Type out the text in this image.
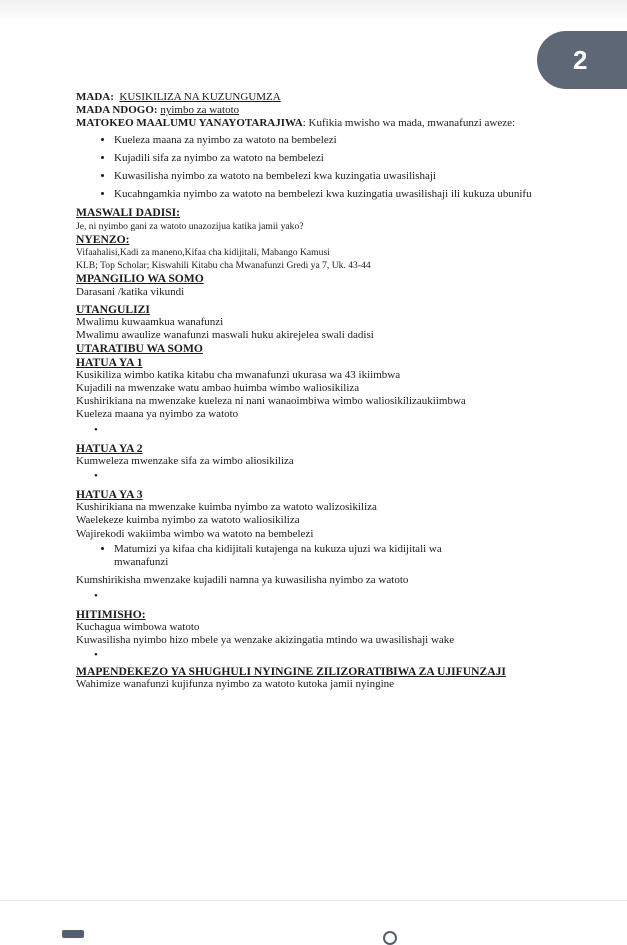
2
MADA: KUSIKILIZA NA KUZUNGUMZA
MADA NDOGO: nyimbo za watoto
MATOKEO MAALUMU YANAYOTARAJIWA: Kufikia mwisho wa mada, mwanafunzi aweze:
• Kueleza maana za nyimbo za watoto na bembelezi
• Kujadili sifa za nyimbo za watoto na bembelezi
• Kuwasilisha nyimbo za watoto na bembelezi kwa kuzingatia uwasilishaji
• Kucahngamkia nyimbo za watoto na bembelezi kwa kuzingatia uwasilishaji ili kukuza ubunifu
MASWALI DADISI:
Je, ni nyimbo gani za watoto unazozijua katika jamii yako?
NYENZO:
Vifaahalisi,Kadi za maneno,Kifaa cha kidijitali, Mabango Kamusi
KLB; Top Scholar; Kiswahili Kitabu cha Mwanafunzi Gredi ya 7, Uk. 43-44
MPANGILIO WA SOMO
Darasani /katika vikundi
UTANGULIZI
Mwalimu kuwaamkua wanafunzi
Mwalimu awaulize wanafunzi maswali huku akirejelea swali dadisi
UTARATIBU WA SOMO
HATUA YA 1
Kusikiliza wimbo katika kitabu cha mwanafunzi ukurasa wa 43 ikiimbwa
Kujadili na mwenzake watu ambao huimba wimbo waliosikiliza
Kushirikiana na mwenzake kueleza ni nani wanaoimbiwa wimbo waliosikilizaukiimbwa
Kueleza maana ya nyimbo za watoto
•
HATUA YA 2
Kumweleza mwenzake sifa za wimbo aliosikiliza
•
HATUA YA 3
Kushirikiana na mwenzake kuimba nyimbo za watoto walizosikiliza
Waelekeze kuimba nyimbo za watoto waliosikiliza
Wajirekodi wakiimba wimbo wa watoto na bembelezi
• Matumizi ya kifaa cha kidijitali kutajenga na kukuza ujuzi wa kidijitali wa mwanafunzi
Kumshirikisha mwenzake kujadili namna ya kuwasilisha nyimbo za watoto
•
HITIMISHO:
Kuchagua wimbowa watoto
Kuwasilisha nyimbo hizo mbele ya wenzake akizingatia mtindo wa uwasilishaji wake
•
MAPENDEKEZO YA SHUGHULI NYINGINE ZILIZORATIBIWA ZA UJIFUNZAJI
Wahimize wanafunzi kujifunza nyimbo za watoto kutoka jamii nyingine
